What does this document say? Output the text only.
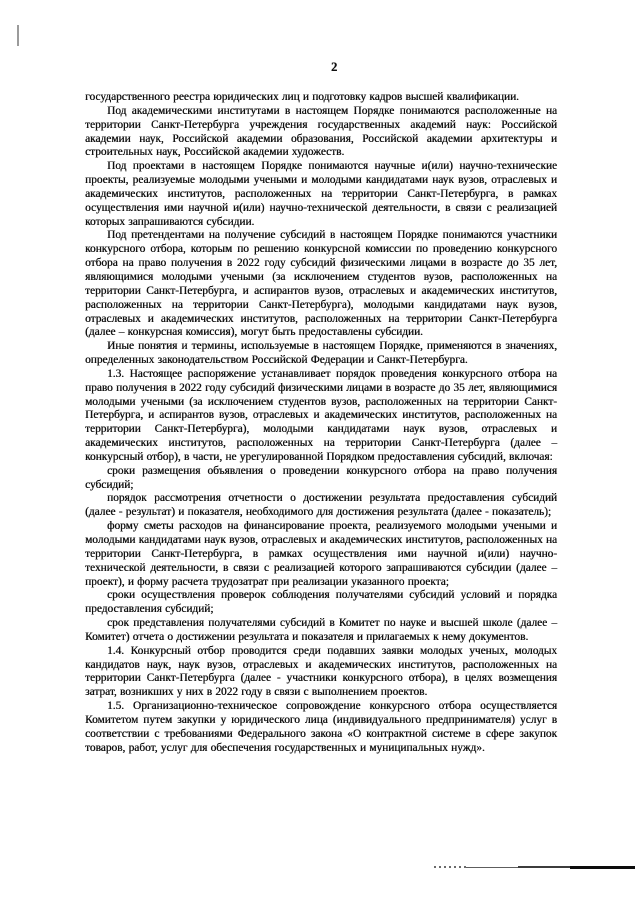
2

государственного реестра юридических лиц и подготовку кадров высшей квалификации.

Под академическими институтами в настоящем Порядке понимаются расположенные на территории Санкт-Петербурга учреждения государственных академий наук: Российской академии наук, Российской академии образования, Российской академии архитектуры и строительных наук, Российской академии художеств.

Под проектами в настоящем Порядке понимаются научные и(или) научно-технические проекты, реализуемые молодыми учеными и молодыми кандидатами наук вузов, отраслевых и академических институтов, расположенных на территории Санкт-Петербурга, в рамках осуществления ими научной и(или) научно-технической деятельности, в связи с реализацией которых запрашиваются субсидии.

Под претендентами на получение субсидий в настоящем Порядке понимаются участники конкурсного отбора, которым по решению конкурсной комиссии по проведению конкурсного отбора на право получения в 2022 году субсидий физическими лицами в возрасте до 35 лет, являющимися молодыми учеными (за исключением студентов вузов, расположенных на территории Санкт-Петербурга, и аспирантов вузов, отраслевых и академических институтов, расположенных на территории Санкт-Петербурга), молодыми кандидатами наук вузов, отраслевых и академических институтов, расположенных на территории Санкт-Петербурга (далее – конкурсная комиссия), могут быть предоставлены субсидии.

Иные понятия и термины, используемые в настоящем Порядке, применяются в значениях, определенных законодательством Российской Федерации и Санкт-Петербурга.

1.3. Настоящее распоряжение устанавливает порядок проведения конкурсного отбора на право получения в 2022 году субсидий физическими лицами в возрасте до 35 лет, являющимися молодыми учеными (за исключением студентов вузов, расположенных на территории Санкт-Петербурга, и аспирантов вузов, отраслевых и академических институтов, расположенных на территории Санкт-Петербурга), молодыми кандидатами наук вузов, отраслевых и академических институтов, расположенных на территории Санкт-Петербурга (далее – конкурсный отбор), в части, не урегулированной Порядком предоставления субсидий, включая:

сроки размещения объявления о проведении конкурсного отбора на право получения субсидий;

порядок рассмотрения отчетности о достижении результата предоставления субсидий (далее - результат) и показателя, необходимого для достижения результата (далее - показатель);

форму сметы расходов на финансирование проекта, реализуемого молодыми учеными и молодыми кандидатами наук вузов, отраслевых и академических институтов, расположенных на территории Санкт-Петербурга, в рамках осуществления ими научной и(или) научно-технической деятельности, в связи с реализацией которого запрашиваются субсидии (далее – проект), и форму расчета трудозатрат при реализации указанного проекта;

сроки осуществления проверок соблюдения получателями субсидий условий и порядка предоставления субсидий;

срок представления получателями субсидий в Комитет по науке и высшей школе (далее – Комитет) отчета о достижении результата и показателя и прилагаемых к нему документов.

1.4. Конкурсный отбор проводится среди подавших заявки молодых ученых, молодых кандидатов наук, наук вузов, отраслевых и академических институтов, расположенных на территории Санкт-Петербурга (далее - участники конкурсного отбора), в целях возмещения затрат, возникших у них в 2022 году в связи с выполнением проектов.

1.5. Организационно-техническое сопровождение конкурсного отбора осуществляется Комитетом путем закупки у юридического лица (индивидуального предпринимателя) услуг в соответствии с требованиями Федерального закона «О контрактной системе в сфере закупок товаров, работ, услуг для обеспечения государственных и муниципальных нужд».
